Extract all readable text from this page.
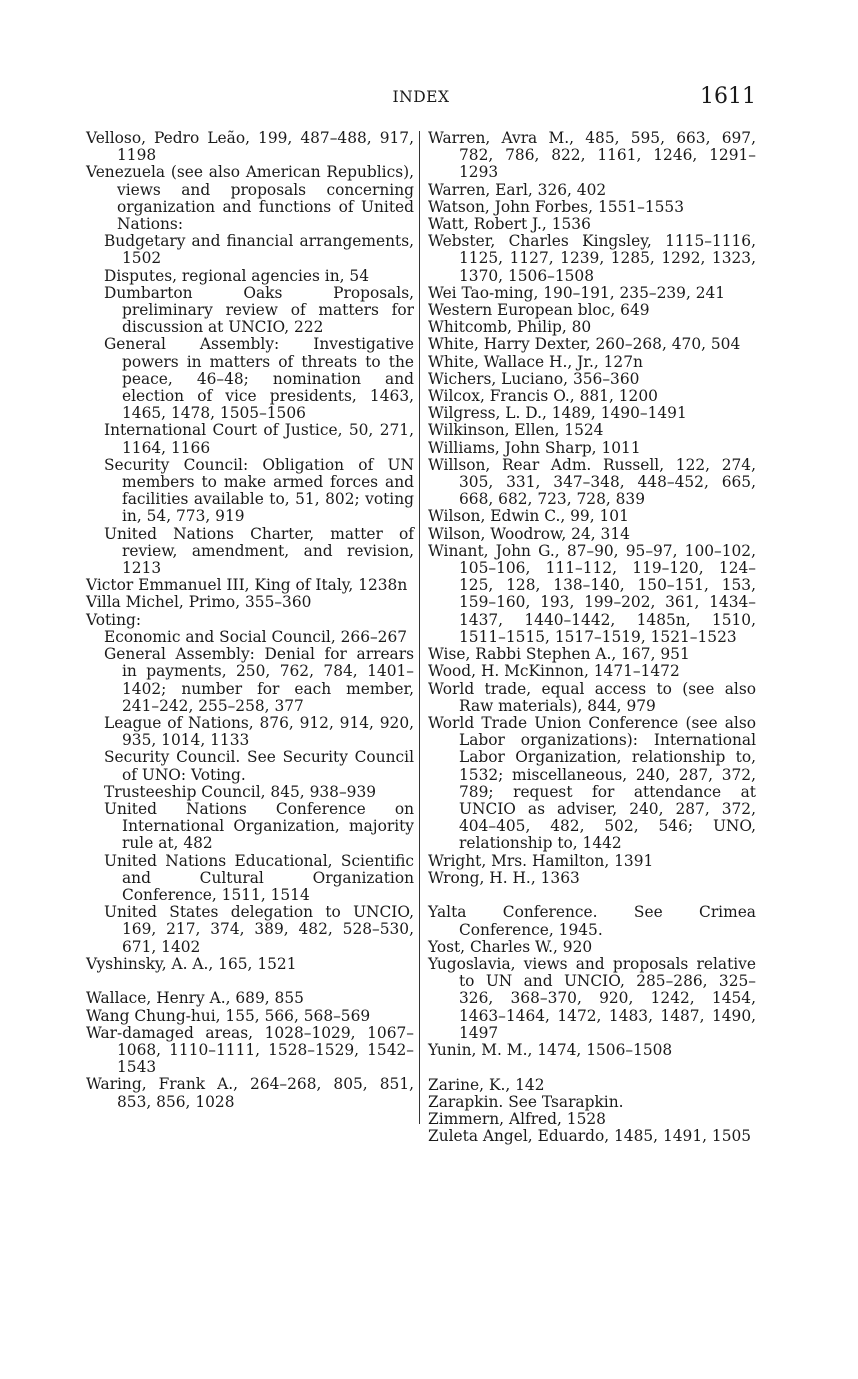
INDEX	1611
Velloso, Pedro Leão, 199, 487–488, 917, 1198
Venezuela (see also American Republics), views and proposals concerning organization and functions of United Nations:
Budgetary and financial arrangements, 1502
Disputes, regional agencies in, 54
Dumbarton Oaks Proposals, preliminary review of matters for discussion at UNCIO, 222
General Assembly: Investigative powers in matters of threats to the peace, 46–48; nomination and election of vice presidents, 1463, 1465, 1478, 1505–1506
International Court of Justice, 50, 271, 1164, 1166
Security Council: Obligation of UN members to make armed forces and facilities available to, 51, 802; voting in, 54, 773, 919
United Nations Charter, matter of review, amendment, and revision, 1213
Victor Emmanuel III, King of Italy, 1238n
Villa Michel, Primo, 355–360
Voting:
Economic and Social Council, 266–267
General Assembly: Denial for arrears in payments, 250, 762, 784, 1401–1402; number for each member, 241–242, 255–258, 377
League of Nations, 876, 912, 914, 920, 935, 1014, 1133
Security Council. See Security Council of UNO: Voting.
Trusteeship Council, 845, 938–939
United Nations Conference on International Organization, majority rule at, 482
United Nations Educational, Scientific and Cultural Organization Conference, 1511, 1514
United States delegation to UNCIO, 169, 217, 374, 389, 482, 528–530, 671, 1402
Vyshinsky, A. A., 165, 1521
Wallace, Henry A., 689, 855
Wang Chung-hui, 155, 566, 568–569
War-damaged areas, 1028–1029, 1067–1068, 1110–1111, 1528–1529, 1542–1543
Waring, Frank A., 264–268, 805, 851, 853, 856, 1028
Warren, Avra M., 485, 595, 663, 697, 782, 786, 822, 1161, 1246, 1291–1293
Warren, Earl, 326, 402
Watson, John Forbes, 1551–1553
Watt, Robert J., 1536
Webster, Charles Kingsley, 1115–1116, 1125, 1127, 1239, 1285, 1292, 1323, 1370, 1506–1508
Wei Tao-ming, 190–191, 235–239, 241
Western European bloc, 649
Whitcomb, Philip, 80
White, Harry Dexter, 260–268, 470, 504
White, Wallace H., Jr., 127n
Wichers, Luciano, 356–360
Wilcox, Francis O., 881, 1200
Wilgress, L. D., 1489, 1490–1491
Wilkinson, Ellen, 1524
Williams, John Sharp, 1011
Willson, Rear Adm. Russell, 122, 274, 305, 331, 347–348, 448–452, 665, 668, 682, 723, 728, 839
Wilson, Edwin C., 99, 101
Wilson, Woodrow, 24, 314
Winant, John G., 87–90, 95–97, 100–102, 105–106, 111–112, 119–120, 124–125, 128, 138–140, 150–151, 153, 159–160, 193, 199–202, 361, 1434–1437, 1440–1442, 1485n, 1510, 1511–1515, 1517–1519, 1521–1523
Wise, Rabbi Stephen A., 167, 951
Wood, H. McKinnon, 1471–1472
World trade, equal access to (see also Raw materials), 844, 979
World Trade Union Conference (see also Labor organizations): International Labor Organization, relationship to, 1532; miscellaneous, 240, 287, 372, 789; request for attendance at UNCIO as adviser, 240, 287, 372, 404–405, 482, 502, 546; UNO, relationship to, 1442
Wright, Mrs. Hamilton, 1391
Wrong, H. H., 1363
Yalta Conference. See Crimea Conference, 1945.
Yost, Charles W., 920
Yugoslavia, views and proposals relative to UN and UNCIO, 285–286, 325–326, 368–370, 920, 1242, 1454, 1463–1464, 1472, 1483, 1487, 1490, 1497
Yunin, M. M., 1474, 1506–1508
Zarine, K., 142
Zarapkin. See Tsarapkin.
Zimmern, Alfred, 1528
Zuleta Angel, Eduardo, 1485, 1491, 1505
